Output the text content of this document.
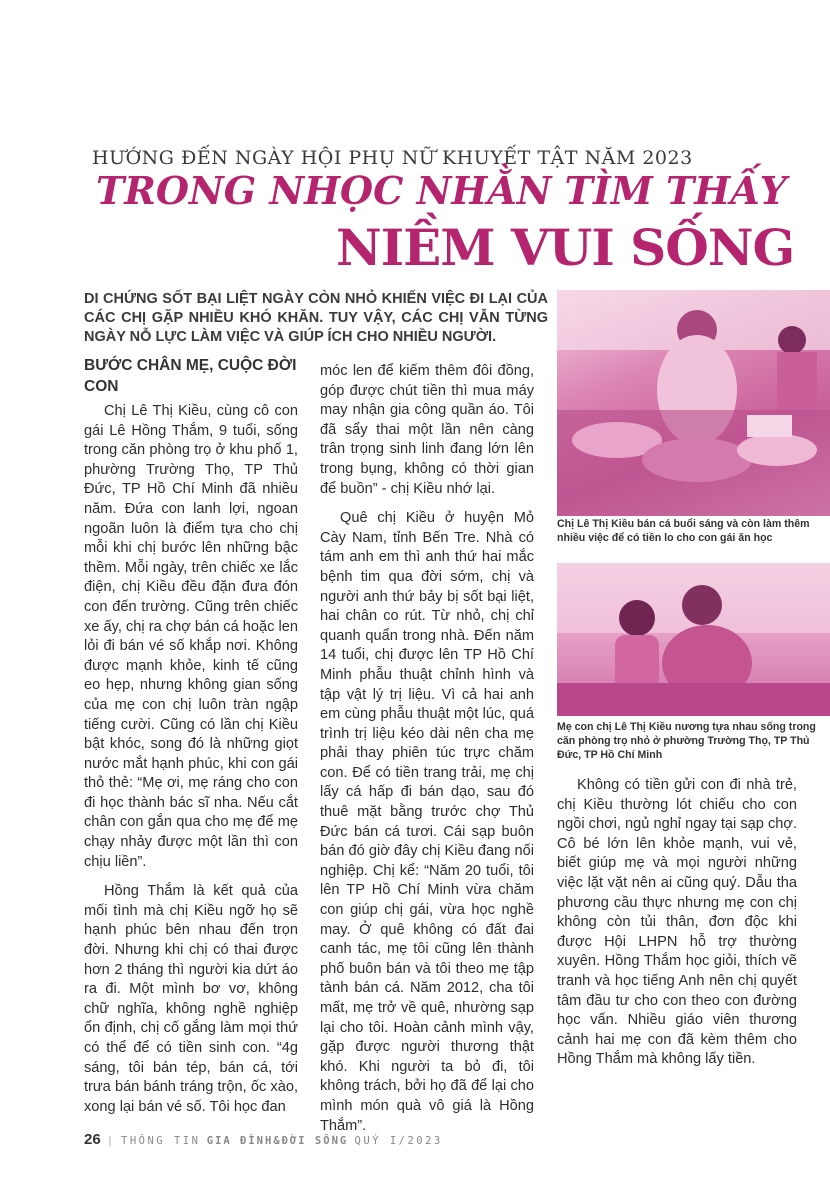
HƯỚNG ĐẾN NGÀY HỘI PHỤ NỮ KHUYẾT TẬT NĂM 2023
TRONG NHỌC NHẰN TÌM THẤY
NIỀM VUI SỐNG
DI CHỨNG SỐT BẠI LIỆT NGÀY CÒN NHỎ KHIẾN VIỆC ĐI LẠI CỦA CÁC CHỊ GẶP NHIỀU KHÓ KHĂN. TUY VẬY, CÁC CHỊ VẪN TỪNG NGÀY NỖ LỰC LÀM VIỆC VÀ GIÚP ÍCH CHO NHIỀU NGƯỜI.
Chị Lê Thị Kiều bán cá buổi sáng và còn làm thêm nhiều việc để có tiền lo cho con gái ăn học
Mẹ con chị Lê Thị Kiều nương tựa nhau sống trong căn phòng trọ nhỏ ở phường Trường Thọ, TP Thủ Đức, TP Hồ Chí Minh
BƯỚC CHÂN MẸ, CUỘC ĐỜI CON

Chị Lê Thị Kiều, cùng cô con gái Lê Hồng Thắm, 9 tuổi, sống trong căn phòng trọ ở khu phố 1, phường Trường Thọ, TP Thủ Đức, TP Hồ Chí Minh đã nhiều năm. Đứa con lanh lợi, ngoan ngoãn luôn là điểm tựa cho chị mỗi khi chị bước lên những bậc thềm. Mỗi ngày, trên chiếc xe lắc điện, chị Kiều đều đặn đưa đón con đến trường. Cũng trên chiếc xe ấy, chị ra chợ bán cá hoặc len lỏi đi bán vé số khắp nơi. Không được mạnh khỏe, kinh tế cũng eo hẹp, nhưng không gian sống của mẹ con chị luôn tràn ngập tiếng cười. Cũng có lần chị Kiều bật khóc, song đó là những giọt nước mắt hạnh phúc, khi con gái thỏ thẻ: “Mẹ ơi, mẹ ráng cho con đi học thành bác sĩ nha. Nếu cắt chân con gắn qua cho mẹ để mẹ chạy nhảy được một lần thì con chịu liền”.

Hồng Thắm là kết quả của mối tình mà chị Kiều ngỡ họ sẽ hạnh phúc bên nhau đến trọn đời. Nhưng khi chị có thai được hơn 2 tháng thì người kia dứt áo ra đi. Một mình bơ vơ, không chữ nghĩa, không nghề nghiệp ổn định, chị cố gắng làm mọi thứ có thể để có tiền sinh con. “4g sáng, tôi bán tép, bán cá, tới trưa bán bánh tráng trộn, ốc xào, xong lại bán vé số. Tôi học đan

móc len để kiếm thêm đôi đồng, góp được chút tiền thì mua máy may nhận gia công quần áo. Tôi đã sẩy thai một lần nên càng trân trọng sinh linh đang lớn lên trong bụng, không có thời gian để buồn” - chị Kiều nhớ lại.

Quê chị Kiều ở huyện Mỏ Cày Nam, tỉnh Bến Tre. Nhà có tám anh em thì anh thứ hai mắc bệnh tim qua đời sớm, chị và người anh thứ bảy bị sốt bại liệt, hai chân co rút. Từ nhỏ, chị chỉ quanh quẩn trong nhà. Đến năm 14 tuổi, chị được lên TP Hồ Chí Minh phẫu thuật chỉnh hình và tập vật lý trị liệu. Vì cả hai anh em cùng phẫu thuật một lúc, quá trình trị liệu kéo dài nên cha mẹ phải thay phiên túc trực chăm con. Để có tiền trang trải, mẹ chị lấy cá hấp đi bán dạo, sau đó thuê mặt bằng trước chợ Thủ Đức bán cá tươi. Cái sạp buôn bán đó giờ đây chị Kiều đang nối nghiệp. Chị kể: “Năm 20 tuổi, tôi lên TP Hồ Chí Minh vừa chăm con giúp chị gái, vừa học nghề may. Ở quê không có đất đai canh tác, mẹ tôi cũng lên thành phố buôn bán và tôi theo mẹ tập tành bán cá. Năm 2012, cha tôi mất, mẹ trở về quê, nhường sạp lại cho tôi. Hoàn cảnh mình vậy, gặp được người thương thật khó. Khi người ta bỏ đi, tôi không trách, bởi họ đã để lại cho mình món quà vô giá là Hồng Thắm”.

Không có tiền gửi con đi nhà trẻ, chị Kiều thường lót chiếu cho con ngồi chơi, ngủ nghỉ ngay tại sạp chợ. Cô bé lớn lên khỏe mạnh, vui vẻ, biết giúp mẹ và mọi người những việc lặt vặt nên ai cũng quý. Dẫu tha phương cầu thực nhưng mẹ con chị không còn tủi thân, đơn độc khi được Hội LHPN hỗ trợ thường xuyên. Hồng Thắm học giỏi, thích vẽ tranh và học tiếng Anh nên chị quyết tâm đầu tư cho con theo con đường học vấn. Nhiều giáo viên thương cảnh hai mẹ con đã kèm thêm cho Hồng Thắm mà không lấy tiền.

26 | THÔNG TIN GIA ĐÌNH&ĐỜI SỐNG QUÝ I/2023
